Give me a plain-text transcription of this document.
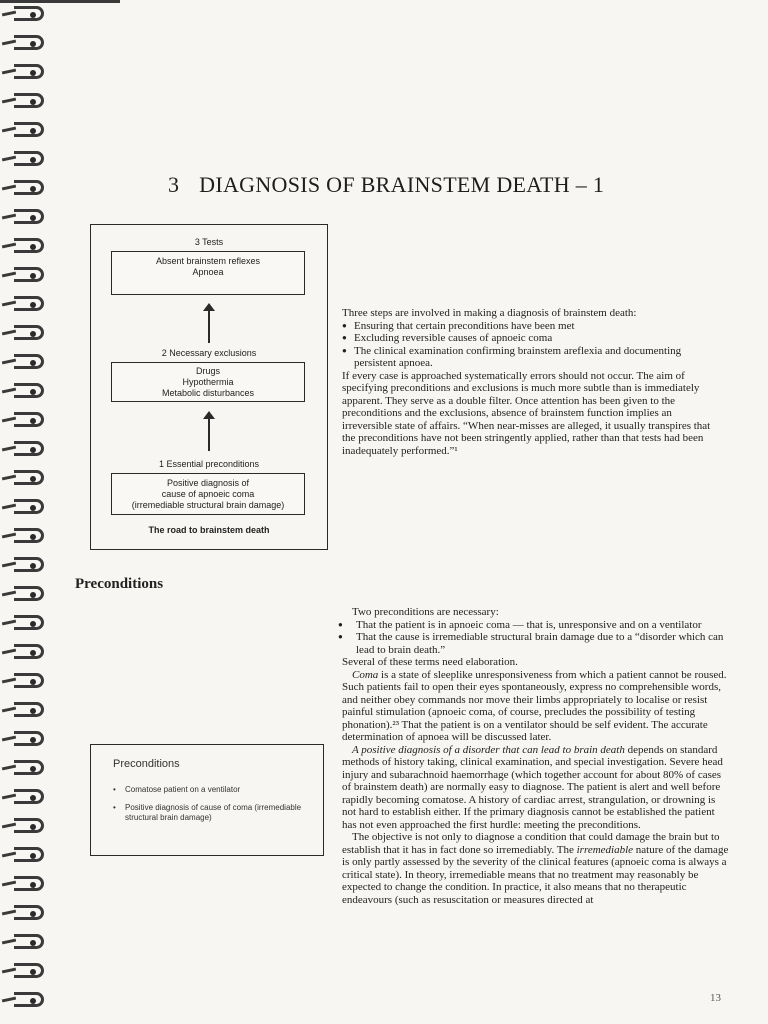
3 DIAGNOSIS OF BRAINSTEM DEATH – 1
3 Tests
Absent brainstem reflexes
Apnoea
2 Necessary exclusions
Drugs
Hypothermia
Metabolic disturbances
1 Essential preconditions
Positive diagnosis of
cause of apnoeic coma
(irremediable structural brain damage)
The road to brainstem death

Three steps are involved in making a diagnosis of brainstem death:

● Ensuring that certain preconditions have been met
● Excluding reversible causes of apnoeic coma
● The clinical examination confirming brainstem areflexia and documenting persistent apnoea.

If every case is approached systematically errors should not occur. The aim of specifying preconditions and exclusions is much more subtle than is immediately apparent. They serve as a double filter. Once attention has been given to the preconditions and the exclusions, absence of brainstem function implies an irreversible state of affairs. “When near-misses are alleged, it usually transpires that the preconditions have not been stringently applied, rather than that tests had been inadequately performed.”¹

Preconditions

Two preconditions are necessary:

● That the patient is in apnoeic coma — that is, unresponsive and on a ventilator
● That the cause is irremediable structural brain damage due to a “disorder which can lead to brain death.”

Several of these terms need elaboration.

Coma is a state of sleeplike unresponsiveness from which a patient cannot be roused. Such patients fail to open their eyes spontaneously, express no comprehensible words, and neither obey commands nor move their limbs appropriately to localise or resist painful stimulation (apnoeic coma, of course, precludes the possibility of testing phonation).²³ That the patient is on a ventilator should be self evident. The accurate determination of apnoea will be discussed later.

A positive diagnosis of a disorder that can lead to brain death depends on standard methods of history taking, clinical examination, and special investigation. Severe head injury and subarachnoid haemorrhage (which together account for about 80% of cases of brainstem death) are normally easy to diagnose. The patient is alert and well before rapidly becoming comatose. A history of cardiac arrest, strangulation, or drowning is not hard to establish either. If the primary diagnosis cannot be established the patient has not even approached the first hurdle: meeting the preconditions.

The objective is not only to diagnose a condition that could damage the brain but to establish that it has in fact done so irremediably. The irremediable nature of the damage is only partly assessed by the severity of the clinical features (apnoeic coma is always a critical state). In theory, irremediable means that no treatment may reasonably be expected to change the condition. In practice, it also means that no therapeutic endeavours (such as resuscitation or measures directed at

Preconditions
• Comatose patient on a ventilator
• Positive diagnosis of cause of coma (irremediable structural brain damage)
13
